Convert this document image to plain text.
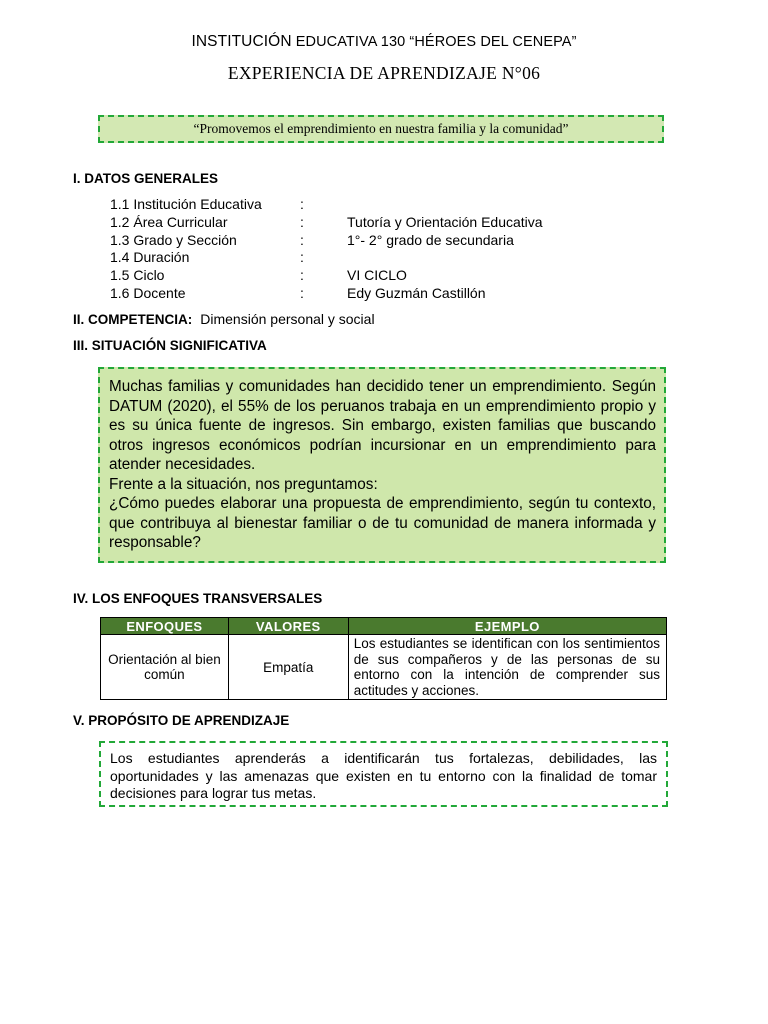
INSTITUCIÓN EDUCATIVA 130 “HÉROES DEL CENEPA”
EXPERIENCIA DE APRENDIZAJE N°06
“Promovemos el emprendimiento en nuestra familia y la comunidad”
I. DATOS GENERALES
1.1 Institución Educativa	:
1.2 Área Curricular	:	Tutoría y Orientación Educativa
1.3 Grado y Sección	:	1°- 2° grado de secundaria
1.4 Duración	:
1.5 Ciclo	:	VI CICLO
1.6 Docente	:	Edy Guzmán Castillón
II. COMPETENCIA: Dimensión personal y social
III. SITUACIÓN SIGNIFICATIVA

Muchas familias y comunidades han decidido tener un emprendimiento. Según DATUM (2020), el 55% de los peruanos trabaja en un emprendimiento propio y es su única fuente de ingresos. Sin embargo, existen familias que buscando otros ingresos económicos podrían incursionar en un emprendimiento para atender necesidades.

Frente a la situación, nos preguntamos:

¿Cómo puedes elaborar una propuesta de emprendimiento, según tu contexto, que contribuya al bienestar familiar o de tu comunidad de manera informada y responsable?

IV. LOS ENFOQUES TRANSVERSALES
ENFOQUES	VALORES	EJEMPLO
Orientación al bien común	Empatía	Los estudiantes se identifican con los sentimientos de sus compañeros y de las personas de su entorno con la intención de comprender sus actitudes y acciones.
V. PROPÓSITO DE APRENDIZAJE

Los estudiantes aprenderás a identificarán tus fortalezas, debilidades, las oportunidades y las amenazas que existen en tu entorno con la finalidad de tomar decisiones para lograr tus metas.
